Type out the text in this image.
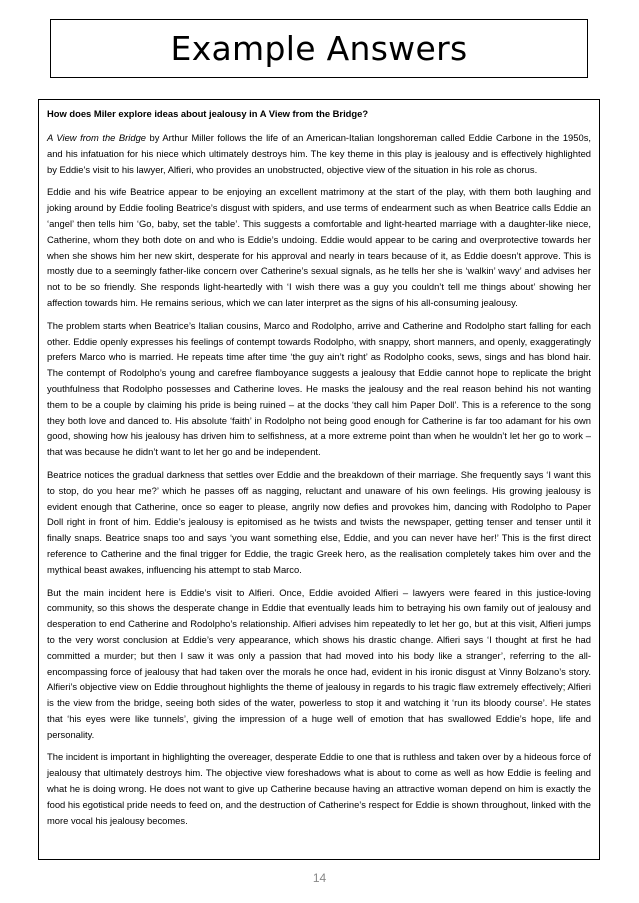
Example Answers

How does Miler explore ideas about jealousy in A View from the Bridge?

A View from the Bridge by Arthur Miller follows the life of an American-Italian longshoreman called Eddie Carbone in the 1950s, and his infatuation for his niece which ultimately destroys him. The key theme in this play is jealousy and is effectively highlighted by Eddie’s visit to his lawyer, Alfieri, who provides an unobstructed, objective view of the situation in his role as chorus.

Eddie and his wife Beatrice appear to be enjoying an excellent matrimony at the start of the play, with them both laughing and joking around by Eddie fooling Beatrice’s disgust with spiders, and use terms of endearment such as when Beatrice calls Eddie an ‘angel’ then tells him ‘Go, baby, set the table’. This suggests a comfortable and light-hearted marriage with a daughter-like niece, Catherine, whom they both dote on and who is Eddie’s undoing. Eddie would appear to be caring and overprotective towards her when she shows him her new skirt, desperate for his approval and nearly in tears because of it, as Eddie doesn’t approve. This is mostly due to a seemingly father-like concern over Catherine’s sexual signals, as he tells her she is ‘walkin’ wavy’ and advises her not to be so friendly. She responds light-heartedly with ‘I wish there was a guy you couldn’t tell me things about’ showing her affection towards him. He remains serious, which we can later interpret as the signs of his all-consuming jealousy.

The problem starts when Beatrice’s Italian cousins, Marco and Rodolpho, arrive and Catherine and Rodolpho start falling for each other. Eddie openly expresses his feelings of contempt towards Rodolpho, with snappy, short manners, and openly, exaggeratingly prefers Marco who is married. He repeats time after time ‘the guy ain’t right’ as Rodolpho cooks, sews, sings and has blond hair. The contempt of Rodolpho’s young and carefree flamboyance suggests a jealousy that Eddie cannot hope to replicate the bright youthfulness that Rodolpho possesses and Catherine loves. He masks the jealousy and the real reason behind his not wanting them to be a couple by claiming his pride is being ruined – at the docks ‘they call him Paper Doll’. This is a reference to the song they both love and danced to. His absolute ‘faith’ in Rodolpho not being good enough for Catherine is far too adamant for his own good, showing how his jealousy has driven him to selfishness, at a more extreme point than when he wouldn’t let her go to work – that was because he didn’t want to let her go and be independent.

Beatrice notices the gradual darkness that settles over Eddie and the breakdown of their marriage. She frequently says ‘I want this to stop, do you hear me?’ which he passes off as nagging, reluctant and unaware of his own feelings. His growing jealousy is evident enough that Catherine, once so eager to please, angrily now defies and provokes him, dancing with Rodolpho to Paper Doll right in front of him. Eddie’s jealousy is epitomised as he twists and twists the newspaper, getting tenser and tenser until it finally snaps. Beatrice snaps too and says ‘you want something else, Eddie, and you can never have her!’ This is the first direct reference to Catherine and the final trigger for Eddie, the tragic Greek hero, as the realisation completely takes him over and the mythical beast awakes, influencing his attempt to stab Marco.

But the main incident here is Eddie’s visit to Alfieri. Once, Eddie avoided Alfieri – lawyers were feared in this justice-loving community, so this shows the desperate change in Eddie that eventually leads him to betraying his own family out of jealousy and desperation to end Catherine and Rodolpho’s relationship. Alfieri advises him repeatedly to let her go, but at this visit, Alfieri jumps to the very worst conclusion at Eddie’s very appearance, which shows his drastic change. Alfieri says ‘I thought at first he had committed a murder; but then I saw it was only a passion that had moved into his body like a stranger’, referring to the all-encompassing force of jealousy that had taken over the morals he once had, evident in his ironic disgust at Vinny Bolzano’s story. Alfieri’s objective view on Eddie throughout highlights the theme of jealousy in regards to his tragic flaw extremely effectively; Alfieri is the view from the bridge, seeing both sides of the water, powerless to stop it and watching it ‘run its bloody course’. He states that ‘his eyes were like tunnels’, giving the impression of a huge well of emotion that has swallowed Eddie’s hope, life and personality.

The incident is important in highlighting the overeager, desperate Eddie to one that is ruthless and taken over by a hideous force of jealousy that ultimately destroys him. The objective view foreshadows what is about to come as well as how Eddie is feeling and what he is doing wrong. He does not want to give up Catherine because having an attractive woman depend on him is exactly the food his egotistical pride needs to feed on, and the destruction of Catherine’s respect for Eddie is shown throughout, linked with the more vocal his jealousy becomes.

14
